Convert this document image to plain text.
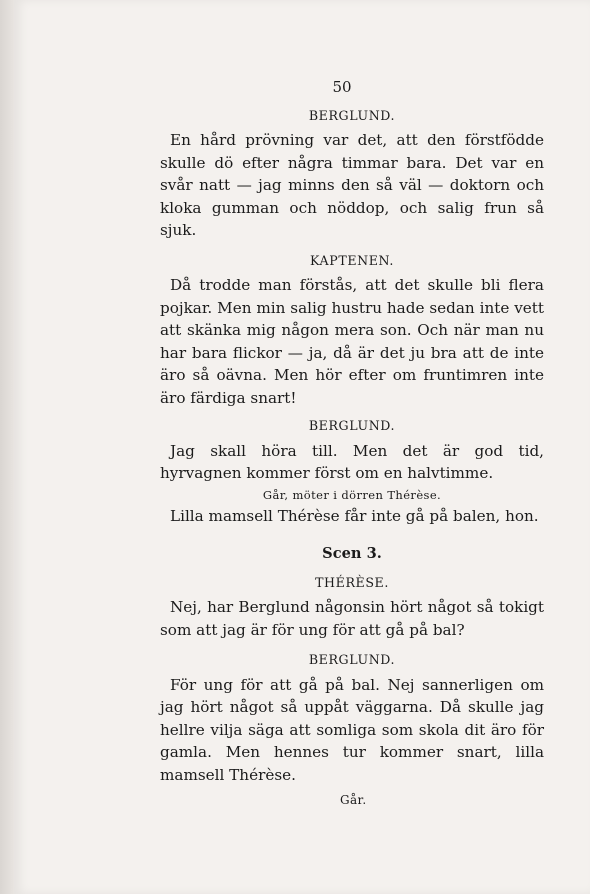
50
BERGLUND.

En hård prövning var det, att den förstfödde skulle dö efter några timmar bara. Det var en svår natt — jag minns den så väl — doktorn och kloka gumman och nöddop, och salig frun så sjuk.

KAPTENEN.

Då trodde man förstås, att det skulle bli flera pojkar. Men min salig hustru hade sedan inte vett att skänka mig någon mera son. Och när man nu har bara flickor — ja, då är det ju bra att de inte äro så oävna. Men hör efter om fruntimren inte äro färdiga snart!

BERGLUND.

Jag skall höra till. Men det är god tid, hyrvagnen kommer först om en halvtimme.

Går, möter i dörren Thérèse.

Lilla mamsell Thérèse får inte gå på balen, hon.

Scen 3.
THÉRÈSE.

Nej, har Berglund någonsin hört något så tokigt som att jag är för ung för att gå på bal?

BERGLUND.

För ung för att gå på bal. Nej sannerligen om jag hört något så uppåt väggarna. Då skulle jag hellre vilja säga att somliga som skola dit äro för gamla. Men hennes tur kommer snart, lilla mamsell Thérèse.

Går.
